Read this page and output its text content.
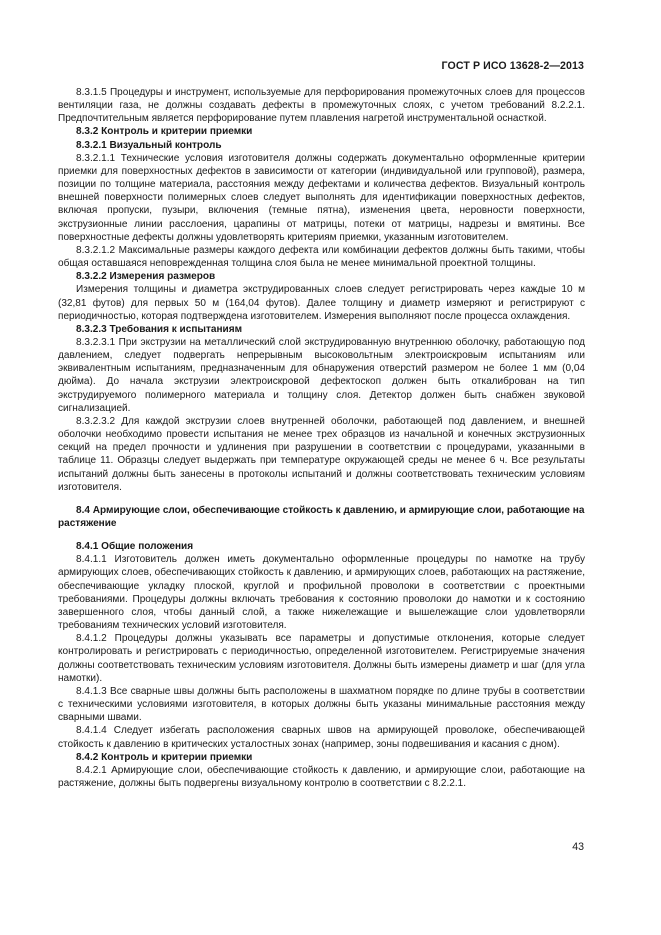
ГОСТ Р ИСО 13628-2—2013

8.3.1.5 Процедуры и инструмент, используемые для перфорирования промежуточных слоев для процессов вентиляции газа, не должны создавать дефекты в промежуточных слоях, с учетом требований 8.2.2.1. Предпочтительным является перфорирование путем плавления нагретой инструментальной оснасткой.

8.3.2 Контроль и критерии приемки

8.3.2.1 Визуальный контроль

8.3.2.1.1 Технические условия изготовителя должны содержать документально оформленные критерии приемки для поверхностных дефектов в зависимости от категории (индивидуальной или групповой), размера, позиции по толщине материала, расстояния между дефектами и количества дефектов. Визуальный контроль внешней поверхности полимерных слоев следует выполнять для идентификации поверхностных дефектов, включая пропуски, пузыри, включения (темные пятна), изменения цвета, неровности поверхности, экструзионные линии расслоения, царапины от матрицы, потеки от матрицы, надрезы и вмятины. Все поверхностные дефекты должны удовлетворять критериям приемки, указанным изготовителем.

8.3.2.1.2 Максимальные размеры каждого дефекта или комбинации дефектов должны быть такими, чтобы общая оставшаяся неповрежденная толщина слоя была не менее минимальной проектной толщины.

8.3.2.2 Измерения размеров

Измерения толщины и диаметра экструдированных слоев следует регистрировать через каждые 10 м (32,81 футов) для первых 50 м (164,04 футов). Далее толщину и диаметр измеряют и регистрируют с периодичностью, которая подтверждена изготовителем. Измерения выполняют после процесса охлаждения.

8.3.2.3 Требования к испытаниям

8.3.2.3.1 При экструзии на металлический слой экструдированную внутреннюю оболочку, работающую под давлением, следует подвергать непрерывным высоковольтным электроискровым испытаниям или эквивалентным испытаниям, предназначенным для обнаружения отверстий размером не более 1 мм (0,04 дюйма). До начала экструзии электроискровой дефектоскоп должен быть откалиброван на тип экструдируемого полимерного материала и толщину слоя. Детектор должен быть снабжен звуковой сигнализацией.

8.3.2.3.2 Для каждой экструзии слоев внутренней оболочки, работающей под давлением, и внешней оболочки необходимо провести испытания не менее трех образцов из начальной и конечных экструзионных секций на предел прочности и удлинения при разрушении в соответствии с процедурами, указанными в таблице 11. Образцы следует выдержать при температуре окружающей среды не менее 6 ч. Все результаты испытаний должны быть занесены в протоколы испытаний и должны соответствовать техническим условиям изготовителя.

8.4 Армирующие слои, обеспечивающие стойкость к давлению, и армирующие слои, работающие на растяжение

8.4.1 Общие положения

8.4.1.1 Изготовитель должен иметь документально оформленные процедуры по намотке на трубу армирующих слоев, обеспечивающих стойкость к давлению, и армирующих слоев, работающих на растяжение, обеспечивающие укладку плоской, круглой и профильной проволоки в соответствии с проектными требованиями. Процедуры должны включать требования к состоянию проволоки до намотки и к состоянию завершенного слоя, чтобы данный слой, а также нижележащие и вышележащие слои удовлетворяли требованиям технических условий изготовителя.

8.4.1.2 Процедуры должны указывать все параметры и допустимые отклонения, которые следует контролировать и регистрировать с периодичностью, определенной изготовителем. Регистрируемые значения должны соответствовать техническим условиям изготовителя. Должны быть измерены диаметр и шаг (для угла намотки).

8.4.1.3 Все сварные швы должны быть расположены в шахматном порядке по длине трубы в соответствии с техническими условиями изготовителя, в которых должны быть указаны минимальные расстояния между сварными швами.

8.4.1.4 Следует избегать расположения сварных швов на армирующей проволоке, обеспечивающей стойкость к давлению в критических усталостных зонах (например, зоны подвешивания и касания с дном).

8.4.2 Контроль и критерии приемки

8.4.2.1 Армирующие слои, обеспечивающие стойкость к давлению, и армирующие слои, работающие на растяжение, должны быть подвергены визуальному контролю в соответствии с 8.2.2.1.

43
